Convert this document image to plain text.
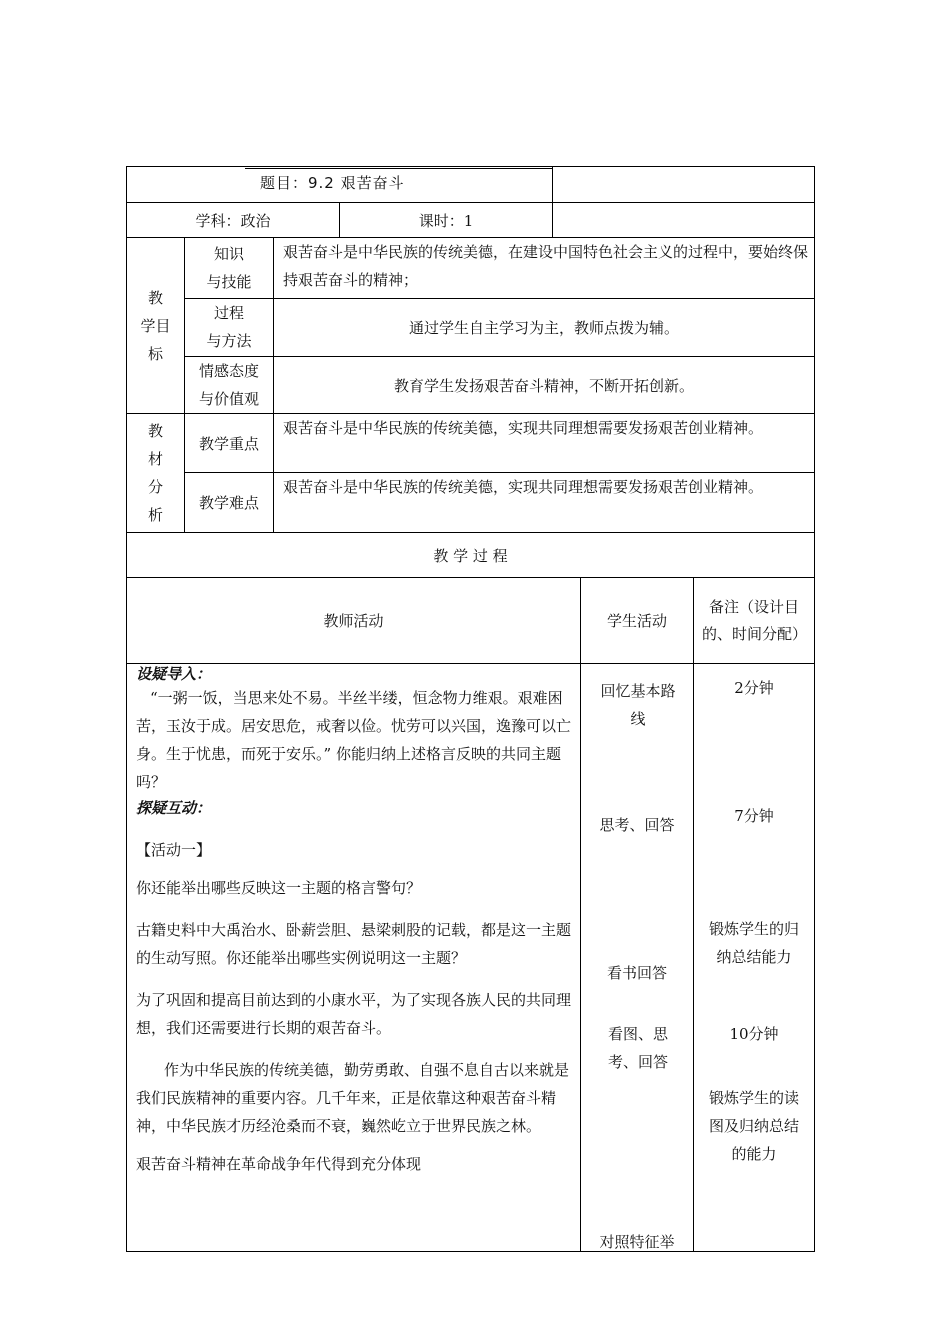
题目：9.2 艰苦奋斗
学科：政治	课时：1
教
学目
标
知识
与技能
艰苦奋斗是中华民族的传统美德，在建设中国特色社会主义的过程中，要始终保持艰苦奋斗的精神；
过程
与方法
通过学生自主学习为主，教师点拨为辅。
情感态度
与价值观
教育学生发扬艰苦奋斗精神，不断开拓创新。
教
材
分
析
教学重点
艰苦奋斗是中华民族的传统美德，实现共同理想需要发扬艰苦创业精神。
教学难点
艰苦奋斗是中华民族的传统美德，实现共同理想需要发扬艰苦创业精神。
教 学 过 程
教师活动	学生活动
备注（设计目的、时间分配）

设疑导入：

“一粥一饭，当思来处不易。半丝半缕，恒念物力维艰。艰难困苦，玉汝于成。居安思危，戒奢以俭。忧劳可以兴国，逸豫可以亡身。生于忧患，而死于安乐。” 你能归纳上述格言反映的共同主题吗？

探疑互动：

【活动一】

你还能举出哪些反映这一主题的格言警句？

古籍史料中大禹治水、卧薪尝胆、悬梁刺股的记载，都是这一主题的生动写照。你还能举出哪些实例说明这一主题？

为了巩固和提高目前达到的小康水平，为了实现各族人民的共同理想，我们还需要进行长期的艰苦奋斗。

作为中华民族的传统美德，勤劳勇敢、自强不息自古以来就是我们民族精神的重要内容。几千年来，正是依靠这种艰苦奋斗精神，中华民族才历经沧桑而不衰，巍然屹立于世界民族之林。

艰苦奋斗精神在革命战争年代得到充分体现

回忆基本路线
思考、回答
看书回答
看图、思考、回答
对照特征举
2分钟
7分钟
锻炼学生的归纳总结能力
10分钟
锻炼学生的读图及归纳总结的能力
